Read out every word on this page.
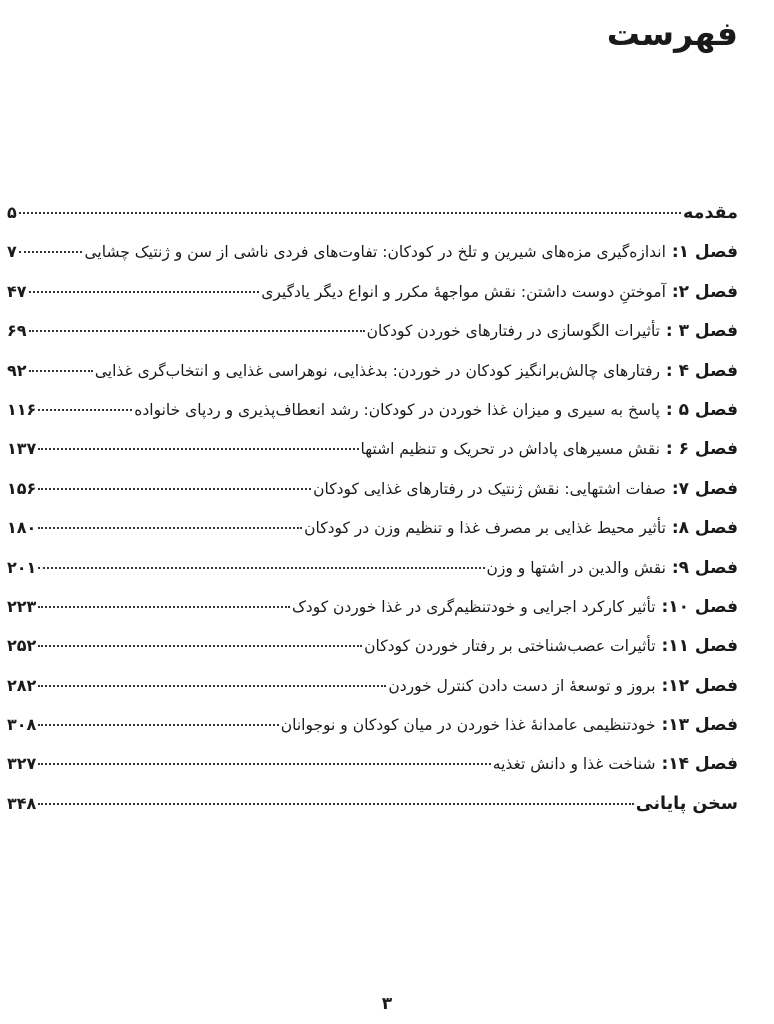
فهرست
مقدمه
۵
فصل ۱: اندازه‌گیری مزه‌های شیرین و تلخ در کودکان: تفاوت‌های فردی ناشی از سن و ژنتیک چشایی
۷
فصل ۲: آموختنِ دوست داشتن: نقش مواجههٔ مکرر و انواع دیگر یادگیری
۴۷
فصل ۳ : تأثیرات الگوسازی در رفتارهای خوردن کودکان
۶۹
فصل ۴ : رفتارهای چالش‌برانگیز کودکان در خوردن: بدغذایی، نوهراسی غذایی و انتخاب‌گری غذایی
۹۲
فصل ۵ : پاسخ به سیری و میزان غذا خوردن در کودکان: رشد انعطاف‌پذیری و ردپای خانواده
۱۱۶
فصل ۶ : نقش مسیرهای پاداش در تحریک و تنظیم اشتها
۱۳۷
فصل ۷: صفات اشتهایی: نقش ژنتیک در رفتارهای غذایی کودکان
۱۵۶
فصل ۸: تأثیر محیط غذایی بر مصرف غذا و تنظیم وزن در کودکان
۱۸۰
فصل ۹: نقش والدین در اشتها و وزن
۲۰۱
فصل ۱۰: تأثیر کارکرد اجرایی و خودتنظیم‌گری در غذا خوردن کودک
۲۲۳
فصل ۱۱: تأثیرات عصب‌شناختی بر رفتار خوردن کودکان
۲۵۲
فصل ۱۲: بروز و توسعهٔ از دست دادن کنترل خوردن
۲۸۲
فصل ۱۳: خودتنظیمی عامدانهٔ غذا خوردن در میان کودکان و نوجوانان
۳۰۸
فصل ۱۴: شناخت غذا و دانش تغذیه
۳۲۷
سخن پایانی
۳۴۸
۳
